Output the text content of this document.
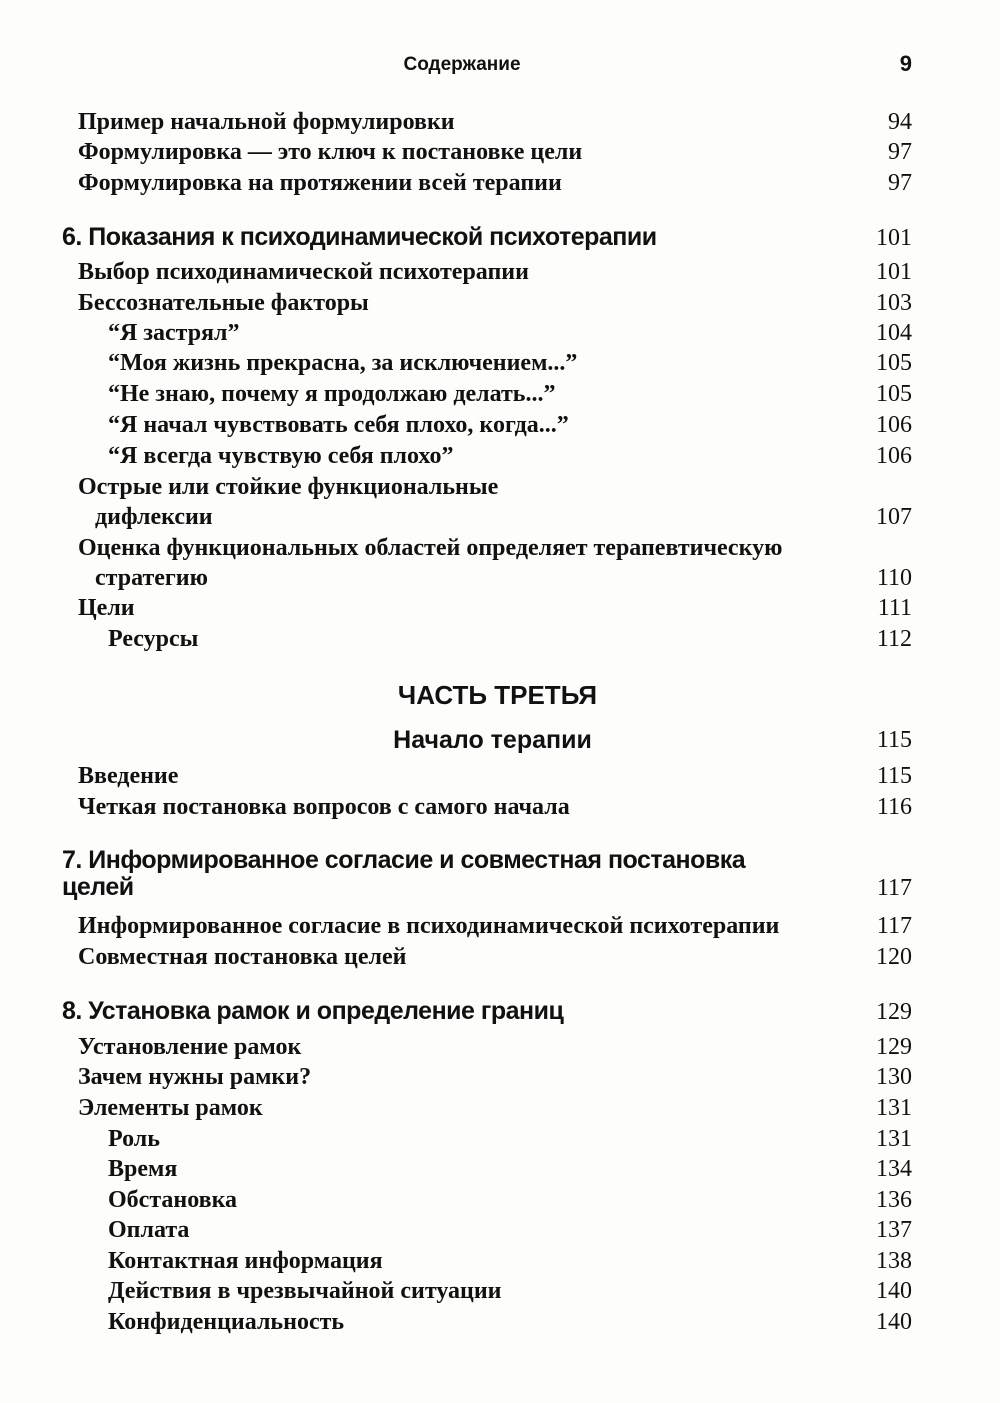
Содержание	9
Пример начальной формулировки	94
Формулировка — это ключ к постановке цели	97
Формулировка на протяжении всей терапии	97
6. Показания к психодинамической психотерапии	101
Выбор психодинамической психотерапии	101
Бессознательные факторы	103
“Я застрял”	104
“Моя жизнь прекрасна, за исключением...”	105
“Не знаю, почему я продолжаю делать...”	105
“Я начал чувствовать себя плохо, когда...”	106
“Я всегда чувствую себя плохо”	106
Острые или стойкие функциональные
дифлексии	107
Оценка функциональных областей определяет терапевтическую
стратегию	110
Цели	111
Ресурсы	112
ЧАСТЬ ТРЕТЬЯ
Начало терапии	115
Введение	115
Четкая постановка вопросов с самого начала	116
7. Информированное согласие и совместная постановка
целей	117
Информированное согласие в психодинамической психотерапии	117
Совместная постановка целей	120
8. Установка рамок и определение границ	129
Установление рамок	129
Зачем нужны рамки?	130
Элементы рамок	131
Роль	131
Время	134
Обстановка	136
Оплата	137
Контактная информация	138
Действия в чрезвычайной ситуации	140
Конфиденциальность	140
